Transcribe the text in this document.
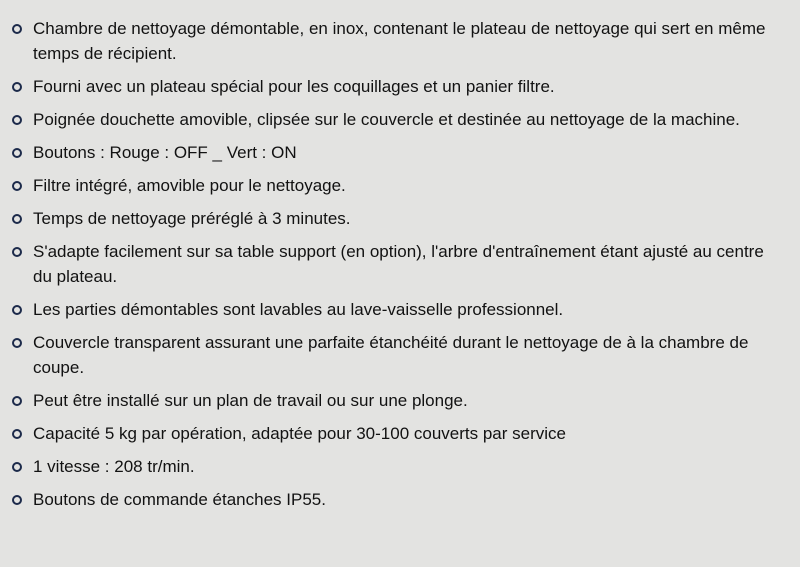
Chambre de nettoyage démontable, en inox, contenant le plateau de nettoyage qui sert en même temps de récipient.
Fourni avec un plateau spécial pour les coquillages et un panier filtre.
Poignée douchette amovible, clipsée sur le couvercle et destinée au nettoyage de la machine.
Boutons : Rouge : OFF _ Vert : ON
Filtre intégré, amovible pour le nettoyage.
Temps de nettoyage préréglé à 3 minutes.
S'adapte facilement sur sa table support (en option), l'arbre d'entraînement étant ajusté au centre du plateau.
Les parties démontables sont lavables au lave-vaisselle professionnel.
Couvercle transparent assurant une parfaite étanchéité durant le nettoyage de à la chambre de coupe.
Peut être installé sur un plan de travail ou sur une plonge.
Capacité 5 kg par opération, adaptée pour 30-100 couverts par service
1 vitesse : 208 tr/min.
Boutons de commande étanches IP55.
